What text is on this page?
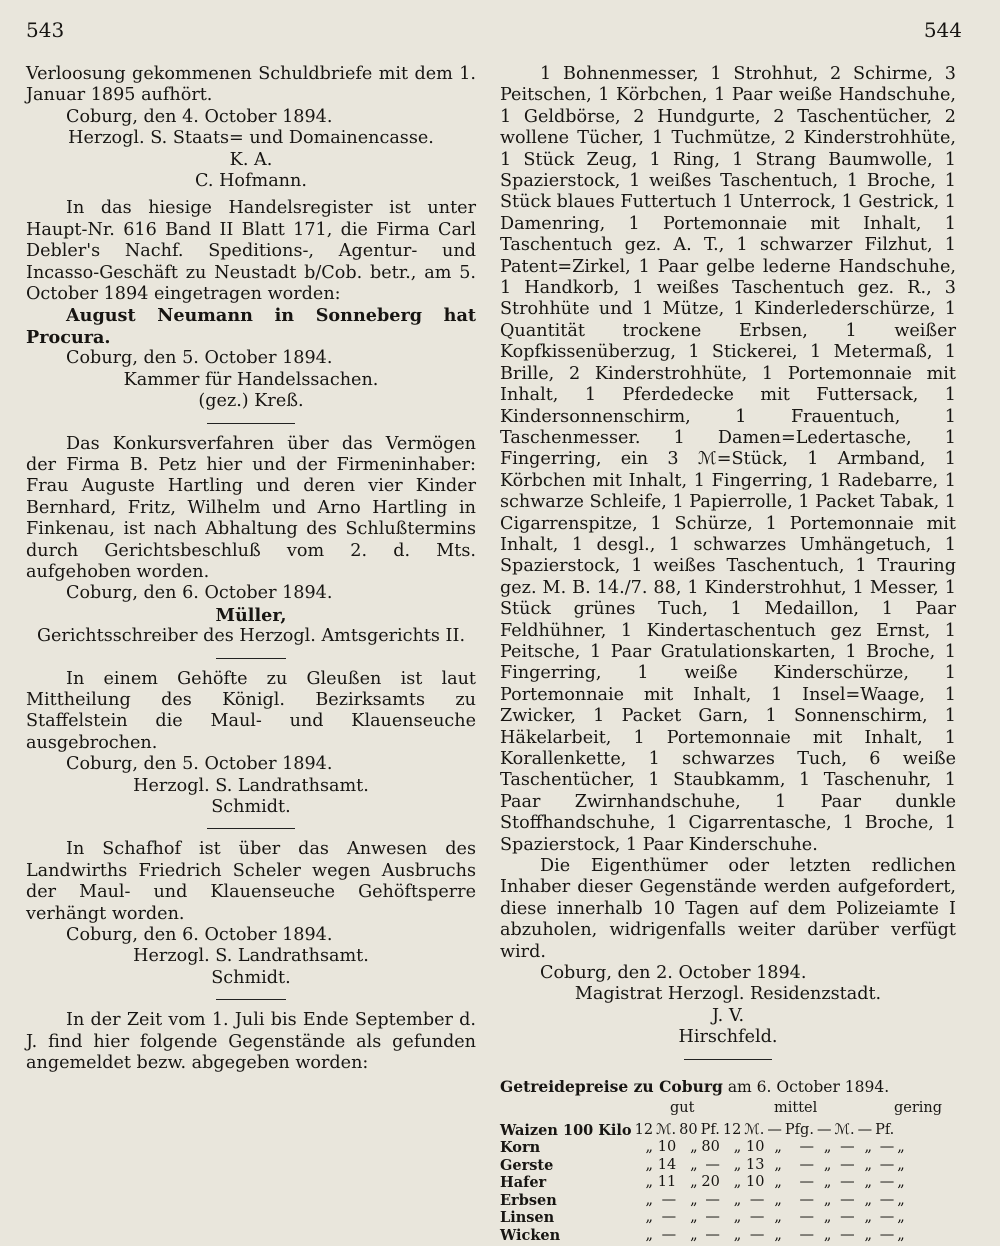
543	544

Verloosung gekommenen Schuldbriefe mit dem 1. Januar 1895 aufhört.

Coburg, den 4. October 1894.

Herzogl. S. Staats= und Domainencasse.

K. A.

C. Hofmann.

In das hiesige Handelsregister ist unter Haupt-Nr. 616 Band II Blatt 171, die Firma Carl Debler's Nachf. Speditions-, Agentur- und Incasso-Geschäft zu Neustadt b/Cob. betr., am 5. October 1894 eingetragen worden:

August Neumann in Sonneberg hat Procura.

Coburg, den 5. October 1894.

Kammer für Handelssachen.

(gez.) Kreß.

Das Konkursverfahren über das Vermögen der Firma B. Petz hier und der Firmeninhaber: Frau Auguste Hartling und deren vier Kinder Bernhard, Fritz, Wilhelm und Arno Hartling in Finkenau, ist nach Abhaltung des Schlußtermins durch Gerichtsbeschluß vom 2. d. Mts. aufgehoben worden.

Coburg, den 6. October 1894.

Müller,

Gerichtsschreiber des Herzogl. Amtsgerichts II.

In einem Gehöfte zu Gleußen ist laut Mittheilung des Königl. Bezirksamts zu Staffelstein die Maul- und Klauenseuche ausgebrochen.

Coburg, den 5. October 1894.

Herzogl. S. Landrathsamt.

Schmidt.

In Schafhof ist über das Anwesen des Landwirths Friedrich Scheler wegen Ausbruchs der Maul- und Klauenseuche Gehöftsperre verhängt worden.

Coburg, den 6. October 1894.

Herzogl. S. Landrathsamt.

Schmidt.

In der Zeit vom 1. Juli bis Ende September d. J. find hier folgende Gegenstände als gefunden angemeldet bezw. abgegeben worden:

1 Bohnenmesser, 1 Strohhut, 2 Schirme, 3 Peitschen, 1 Körbchen, 1 Paar weiße Handschuhe, 1 Geldbörse, 2 Hundgurte, 2 Taschentücher, 2 wollene Tücher, 1 Tuchmütze, 2 Kinderstrohhüte, 1 Stück Zeug, 1 Ring, 1 Strang Baumwolle, 1 Spazierstock, 1 weißes Taschentuch, 1 Broche, 1 Stück blaues Futtertuch 1 Unterrock, 1 Gestrick, 1 Damenring, 1 Portemonnaie mit Inhalt, 1 Taschentuch gez. A. T., 1 schwarzer Filzhut, 1 Patent=Zirkel, 1 Paar gelbe lederne Handschuhe, 1 Handkorb, 1 weißes Taschentuch gez. R., 3 Strohhüte und 1 Mütze, 1 Kinderlederschürze, 1 Quantität trockene Erbsen, 1 weißer Kopfkissenüberzug, 1 Stickerei, 1 Metermaß, 1 Brille, 2 Kinderstrohhüte, 1 Portemonnaie mit Inhalt, 1 Pferdedecke mit Futtersack, 1 Kindersonnenschirm, 1 Frauentuch, 1 Taschenmesser. 1 Damen=Ledertasche, 1 Fingerring, ein 3 ℳ=Stück, 1 Armband, 1 Körbchen mit Inhalt, 1 Fingerring, 1 Radebarre, 1 schwarze Schleife, 1 Papierrolle, 1 Packet Tabak, 1 Cigarrenspitze, 1 Schürze, 1 Portemonnaie mit Inhalt, 1 desgl., 1 schwarzes Umhängetuch, 1 Spazierstock, 1 weißes Taschentuch, 1 Trauring gez. M. B. 14./7. 88, 1 Kinderstrohhut, 1 Messer, 1 Stück grünes Tuch, 1 Medaillon, 1 Paar Feldhühner, 1 Kindertaschentuch gez Ernst, 1 Peitsche, 1 Paar Gratulationskarten, 1 Broche, 1 Fingerring, 1 weiße Kinderschürze, 1 Portemonnaie mit Inhalt, 1 Insel=Waage, 1 Zwicker, 1 Packet Garn, 1 Sonnenschirm, 1 Häkelarbeit, 1 Portemonnaie mit Inhalt, 1 Korallenkette, 1 schwarzes Tuch, 6 weiße Taschentücher, 1 Staubkamm, 1 Taschenuhr, 1 Paar Zwirnhandschuhe, 1 Paar dunkle Stoffhandschuhe, 1 Cigarrentasche, 1 Broche, 1 Spazierstock, 1 Paar Kinderschuhe.

Die Eigenthümer oder letzten redlichen Inhaber dieser Gegenstände werden aufgefordert, diese innerhalb 10 Tagen auf dem Polizeiamte I abzuholen, widrigenfalls weiter darüber verfügt wird.

Coburg, den 2. October 1894.

Magistrat Herzogl. Residenzstadt.

J. V.

Hirschfeld.

Getreidepreise zu Coburg am 6. October 1894.
gut	mittel	gering
Waizen 100 Kilo	12	ℳ.	80	Pf.	12	ℳ.	—	Pfg.	—	ℳ.	—	Pf.	
Korn	„	10	„	80	„	10	„	—	„	—	„	—	„
Gerste	„	14	„	—	„	13	„	—	„	—	„	—	„
Hafer	„	11	„	20	„	10	„	—	„	—	„	—	„
Erbsen	„	—	„	—	„	—	„	—	„	—	„	—	„
Linsen	„	—	„	—	„	—	„	—	„	—	„	—	„
Wicken	„	—	„	—	„	—	„	—	„	—	„	—	„
